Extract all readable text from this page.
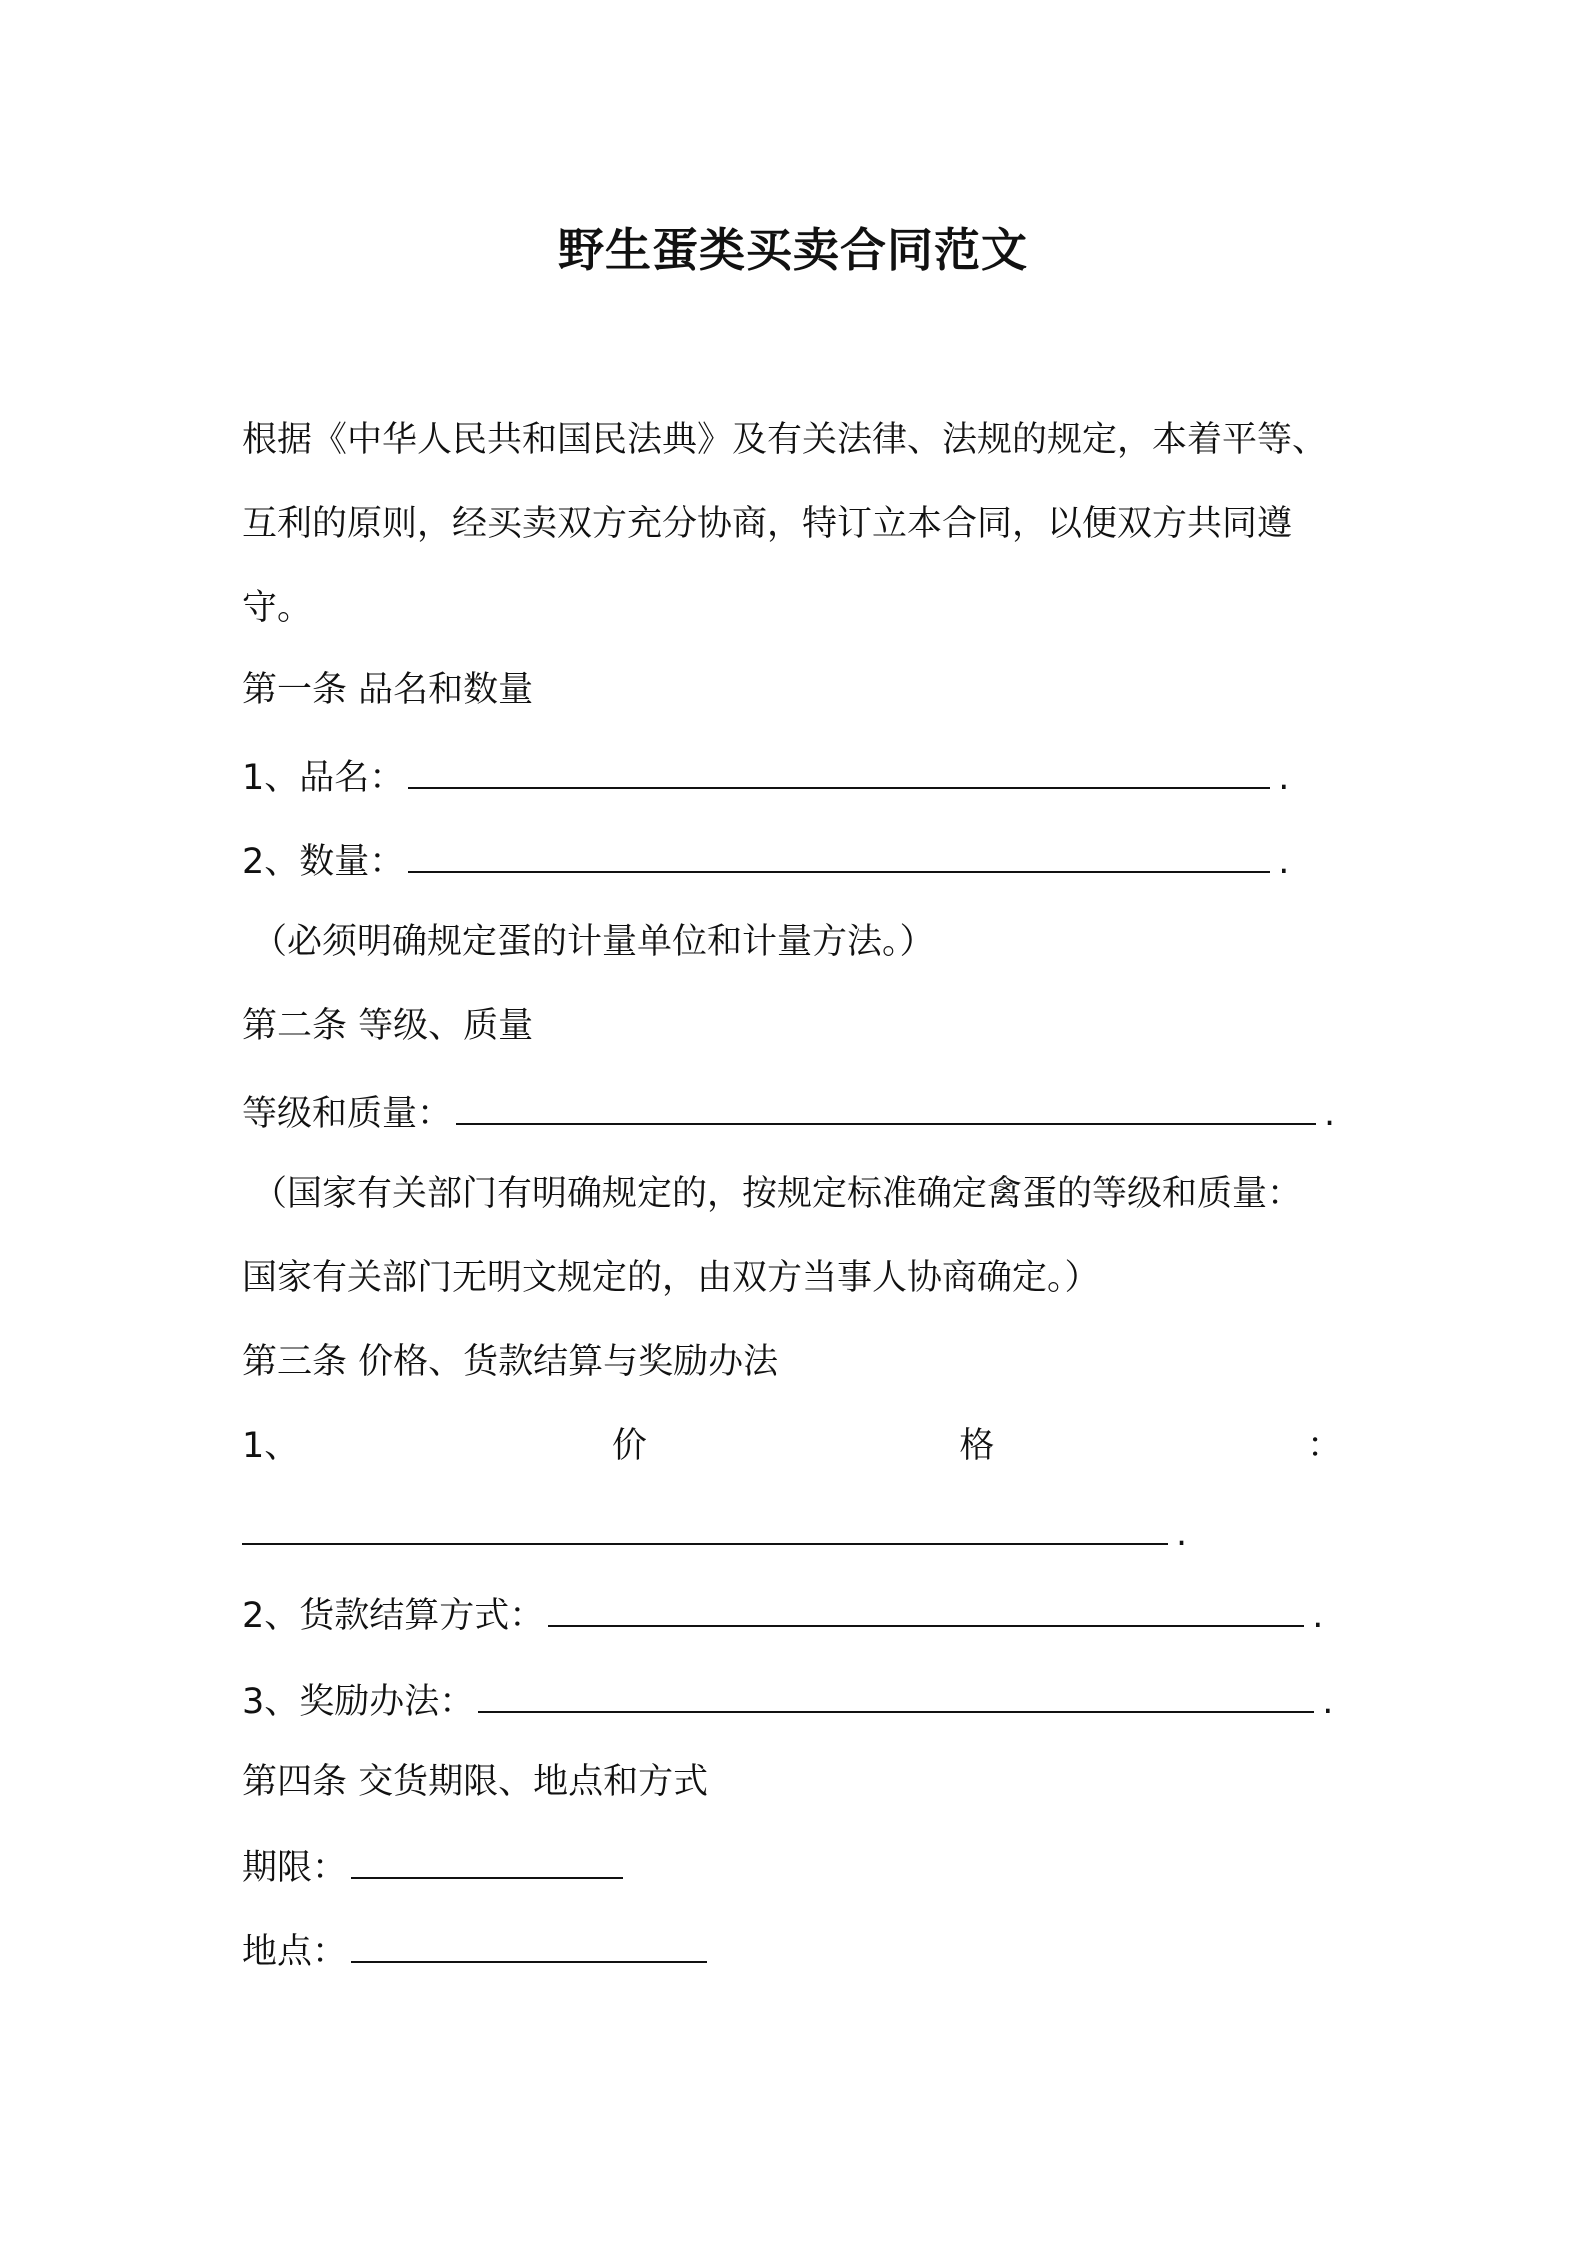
野生蛋类买卖合同范文
根据《中华人民共和国民法典》及有关法律、法规的规定，本着平等、
互利的原则，经买卖双方充分协商，特订立本合同，以便双方共同遵
守。
第一条 品名和数量
1、品名：	.
2、数量：	.
（必须明确规定蛋的计量单位和计量方法。）
第二条 等级、质量
等级和质量：	.
（国家有关部门有明确规定的，按规定标准确定禽蛋的等级和质量：
国家有关部门无明文规定的，由双方当事人协商确定。）
第三条 价格、货款结算与奖励办法
1、	价	格	：
.
2、货款结算方式：	.
3、奖励办法：	.
第四条 交货期限、地点和方式
期限：
地点：
